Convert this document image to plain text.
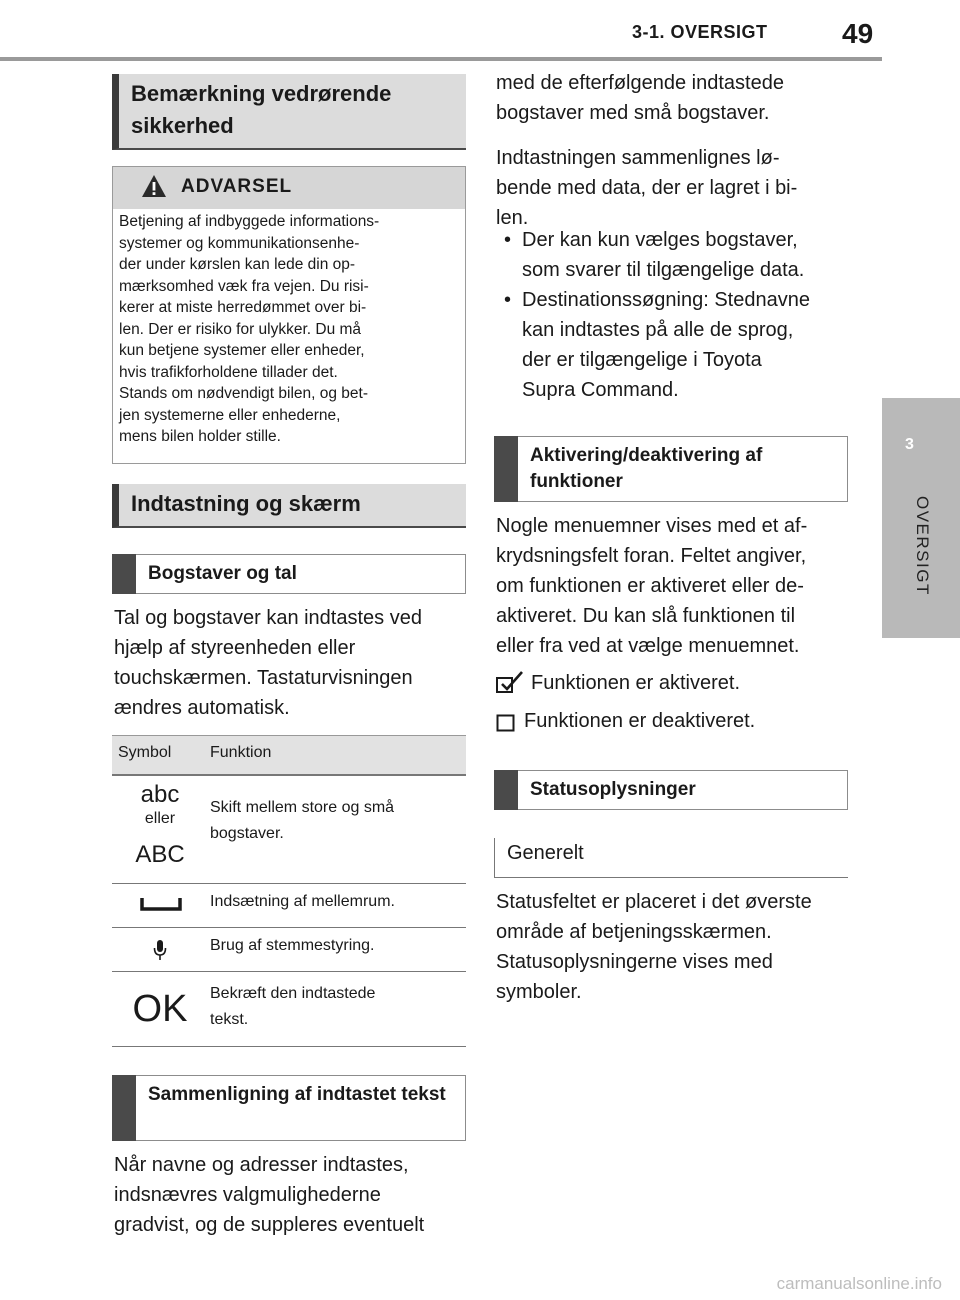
3-1. OVERSIGT	49
3
OVERSIGT
Bemærkning vedrørende sikkerhed
ADVARSEL
Betjening af indbyggede informations-
systemer og kommunikationsenhe-
der under kørslen kan lede din op-
mærksomhed væk fra vejen. Du risi-
kerer at miste herredømmet over bi-
len. Der er risiko for ulykker. Du må
kun betjene systemer eller enheder,
hvis trafikforholdene tillader det.
Stands om nødvendigt bilen, og bet-
jen systemerne eller enhederne,
mens bilen holder stille.
Indtastning og skærm
Bogstaver og tal
Tal og bogstaver kan indtastes ved
hjælp af styreenheden eller
touchskærmen. Tastaturvisningen
ændres automatisk.
Symbol Funktion
abc
eller
ABC
Skift mellem store og små
bogstaver.
Indsætning af mellemrum.
Brug af stemmestyring.
OK	Bekræft den indtastede
tekst.
Sammenligning af indtastet tekst
Når navne og adresser indtastes,
indsnævres valgmulighederne
gradvist, og de suppleres eventuelt
med de efterfølgende indtastede
bogstaver med små bogstaver.
Indtastningen sammenlignes lø-
bende med data, der er lagret i bi-
len.
• Der kan kun vælges bogstaver,
som svarer til tilgængelige data.
• Destinationssøgning: Stednavne
kan indtastes på alle de sprog,
der er tilgængelige i Toyota
Supra Command.
Aktivering/deaktivering af funktioner
Nogle menuemner vises med et af-
krydsningsfelt foran. Feltet angiver,
om funktionen er aktiveret eller de-
aktiveret. Du kan slå funktionen til
eller fra ved at vælge menuemnet.
Funktionen er aktiveret.
Funktionen er deaktiveret.
Statusoplysninger
Generelt
Statusfeltet er placeret i det øverste
område af betjeningsskærmen.
Statusoplysningerne vises med
symboler.
carmanualsonline.info
